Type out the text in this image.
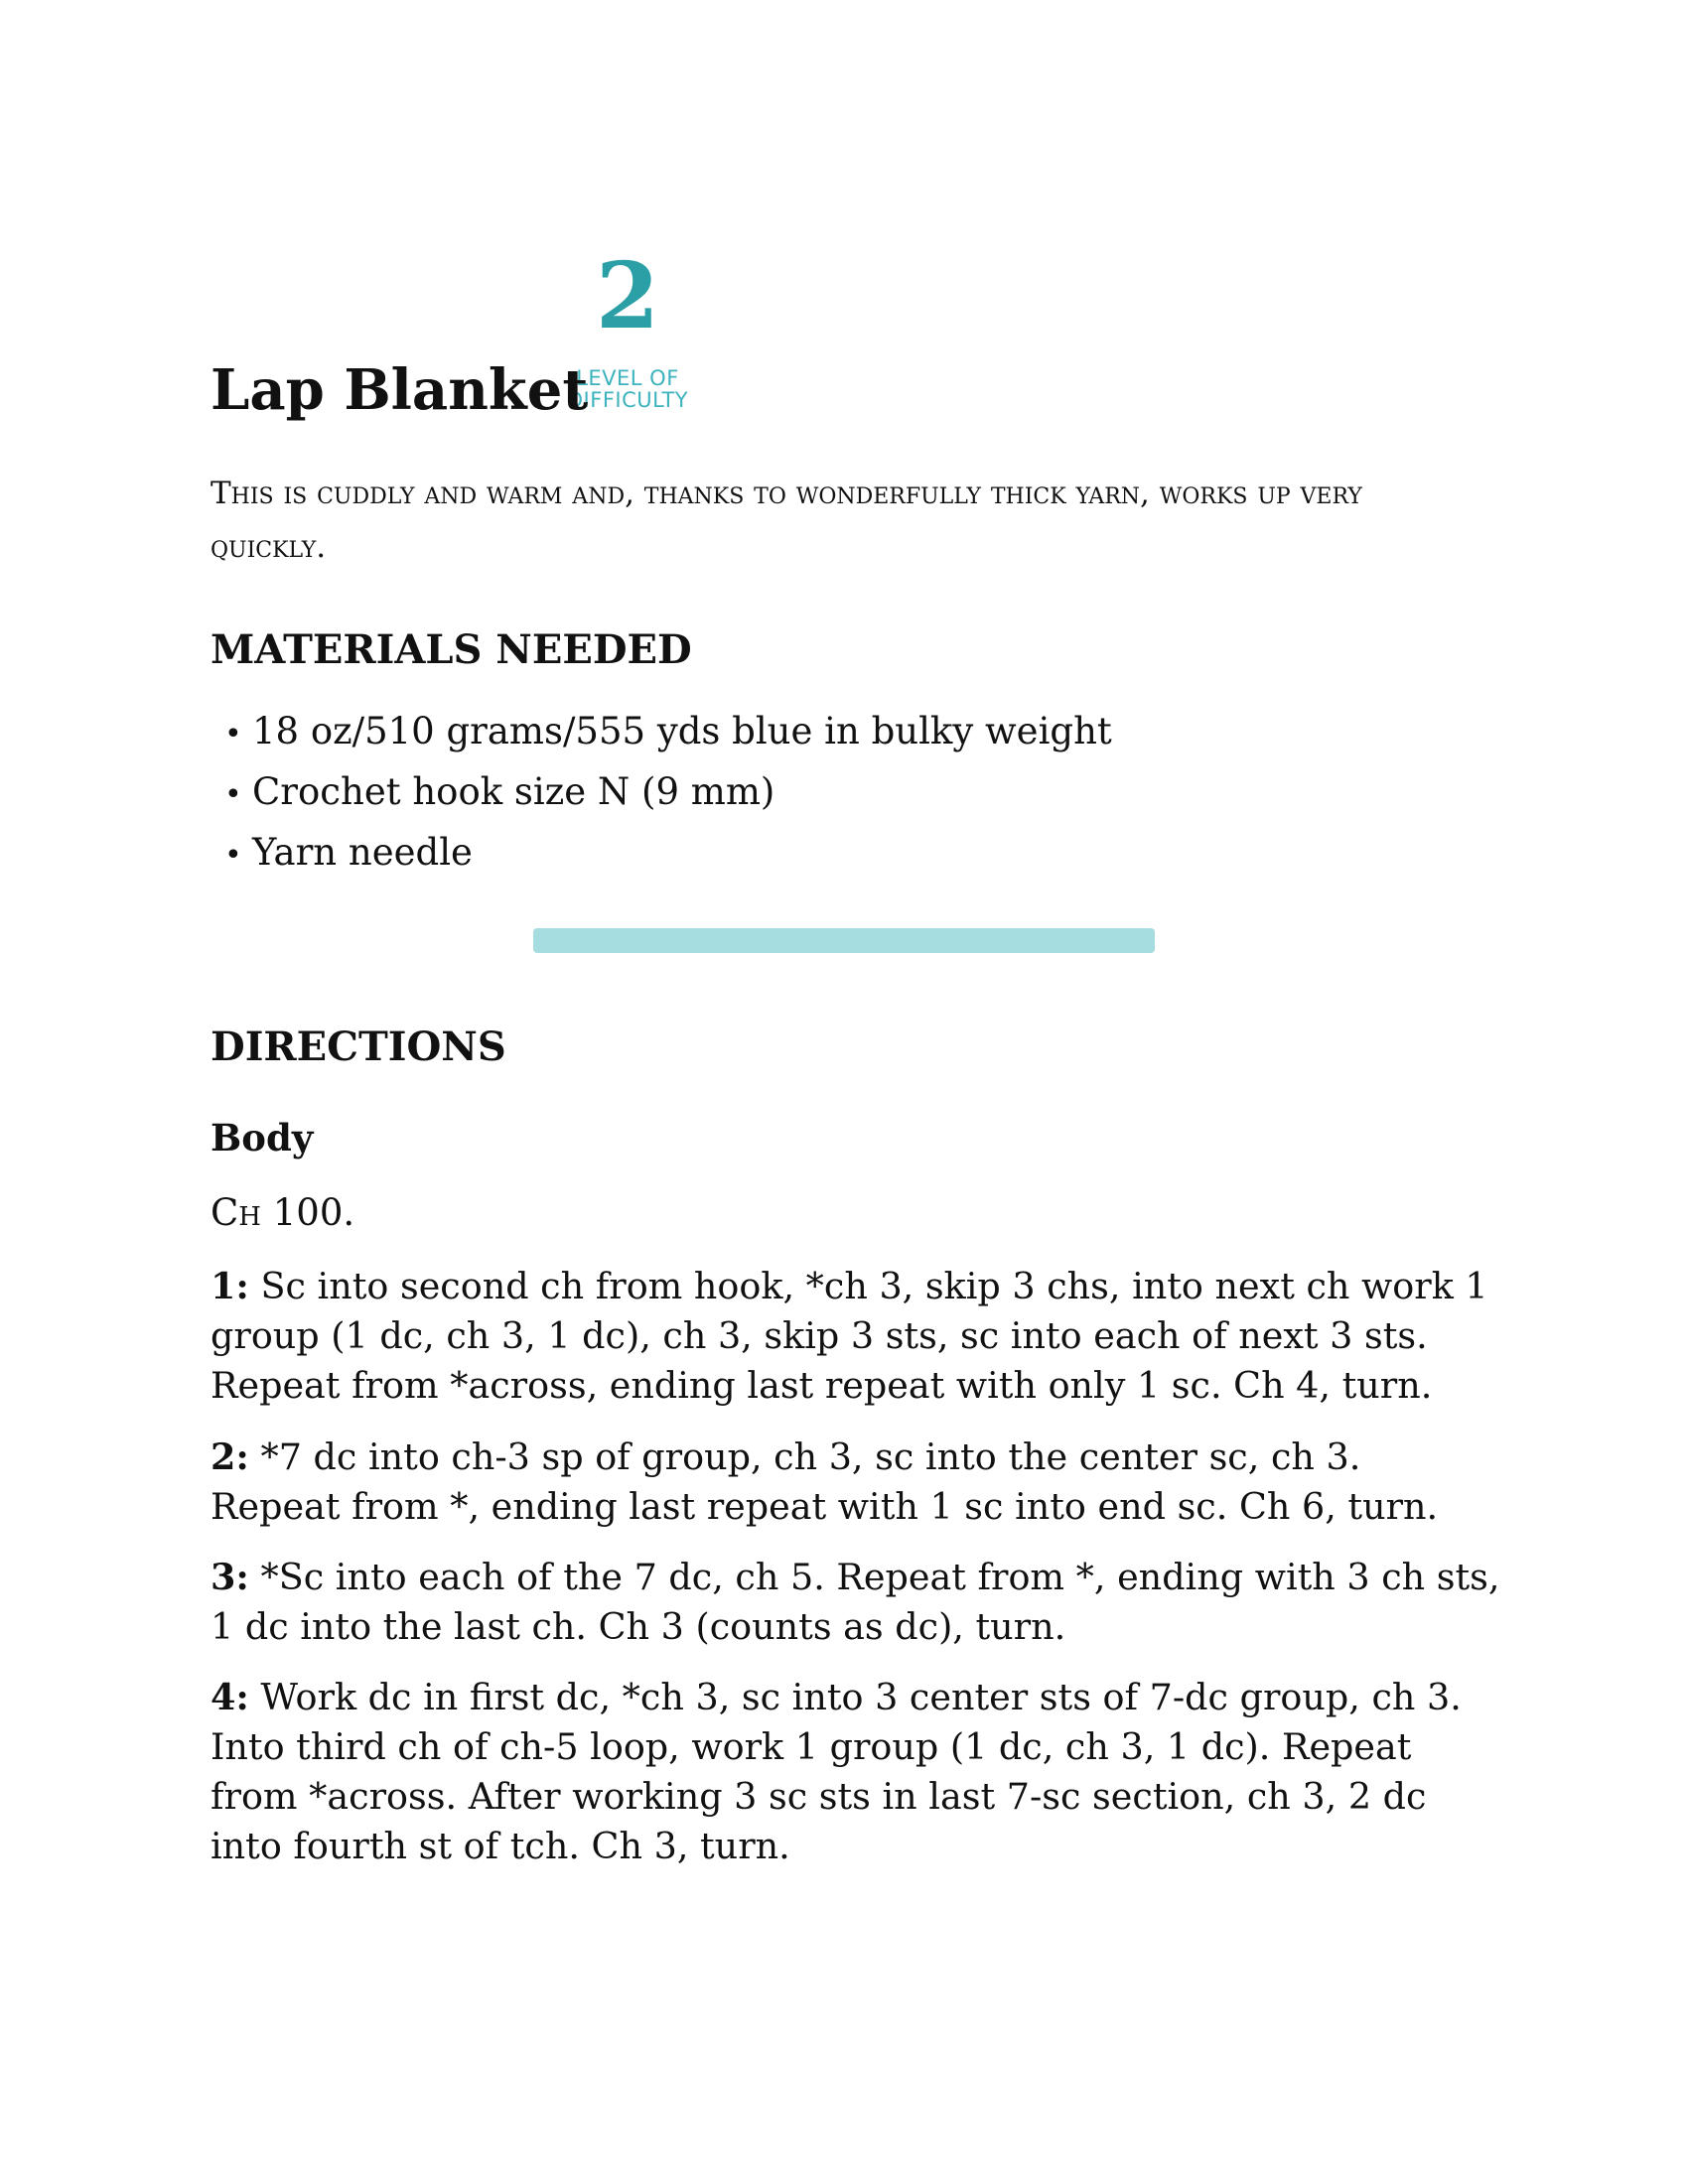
2
LEVEL OF
DIFFICULTY
Lap Blanket

This is cuddly and warm and, thanks to wonderfully thick yarn, works up very quickly.

MATERIALS NEEDED
• 18 oz/510 grams/555 yds blue in bulky weight
• Crochet hook size N (9 mm)
• Yarn needle
DIRECTIONS
Body

Ch 100.

1: Sc into second ch from hook, *ch 3, skip 3 chs, into next ch work 1 group (1 dc, ch 3, 1 dc), ch 3, skip 3 sts, sc into each of next 3 sts. Repeat from *across, ending last repeat with only 1 sc. Ch 4, turn.

2: *7 dc into ch-3 sp of group, ch 3, sc into the center sc, ch 3. Repeat from *, ending last repeat with 1 sc into end sc. Ch 6, turn.

3: *Sc into each of the 7 dc, ch 5. Repeat from *, ending with 3 ch sts, 1 dc into the last ch. Ch 3 (counts as dc), turn.

4: Work dc in first dc, *ch 3, sc into 3 center sts of 7-dc group, ch 3. Into third ch of ch-5 loop, work 1 group (1 dc, ch 3, 1 dc). Repeat from *across. After working 3 sc sts in last 7-sc section, ch 3, 2 dc into fourth st of tch. Ch 3, turn.
